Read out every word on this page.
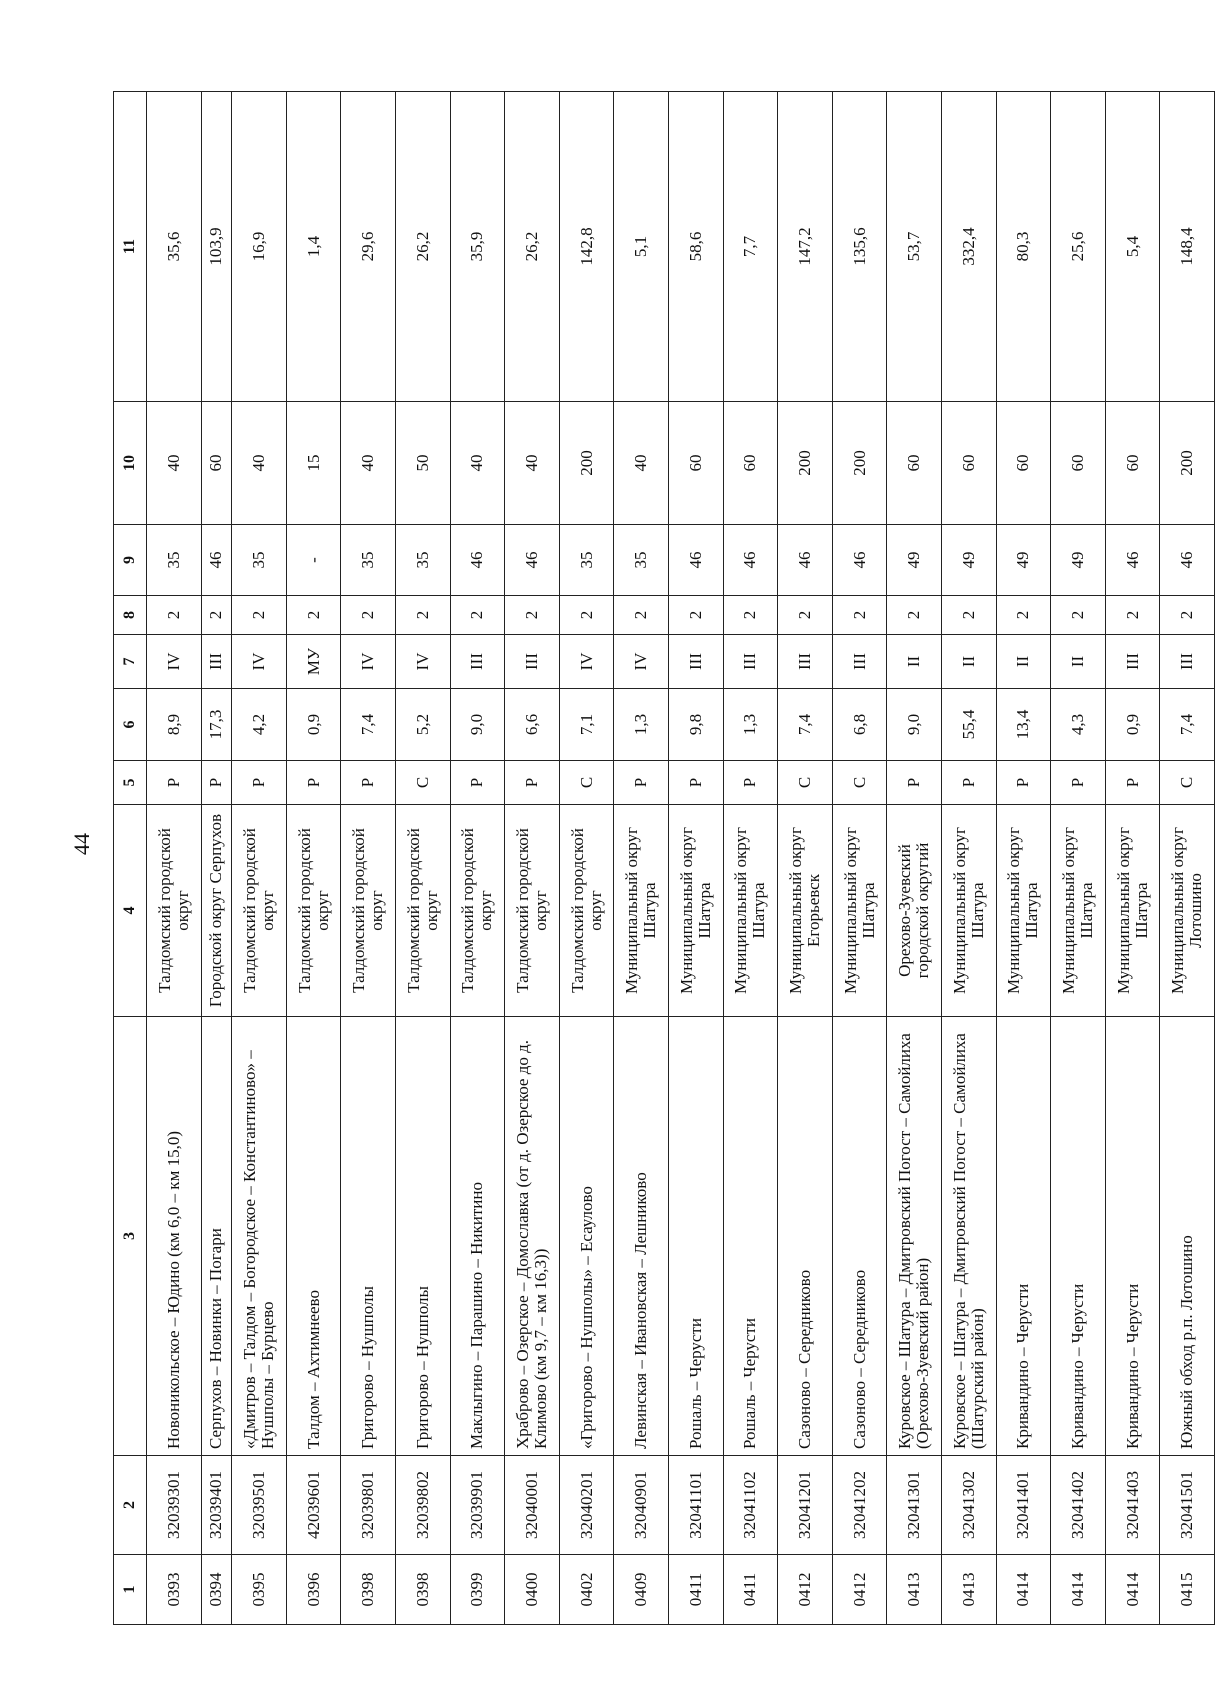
44
1	2	3	4	5	6	7	8	9	10	11
0393	32039301	Новоникольское – Юдино (км 6,0 – км 15,0)	Талдомский городской округ	Р	8,9	IV	2	35	40	35,6
0394	32039401	Серпухов – Новинки – Погари	Городской округ Серпухов	Р	17,3	III	2	46	60	103,9
0395	32039501	«Дмитров – Талдом – Богородское – Константиново» – Нушполы – Бурцево	Талдомский городской округ	Р	4,2	IV	2	35	40	16,9
0396	42039601	Талдом – Ахтимнеево	Талдомский городской округ	Р	0,9	МУ	2	-	15	1,4
0398	32039801	Григорово – Нушполы	Талдомский городской округ	Р	7,4	IV	2	35	40	29,6
0398	32039802	Григорово – Нушполы	Талдомский городской округ	С	5,2	IV	2	35	50	26,2
0399	32039901	Маклыгино – Парашино – Никитино	Талдомский городской округ	Р	9,0	III	2	46	40	35,9
0400	32040001	Храброво – Озерское – Домославка (от д. Озерское до д. Климово (км 9,7 – км 16,3))	Талдомский городской округ	Р	6,6	III	2	46	40	26,2
0402	32040201	«Григорово – Нушполы» – Есаулово	Талдомский городской округ	С	7,1	IV	2	35	200	142,8
0409	32040901	Левинская – Ивановская – Лешниково	Муниципальный округ Шатура	Р	1,3	IV	2	35	40	5,1
0411	32041101	Рошаль – Черусти	Муниципальный округ Шатура	Р	9,8	III	2	46	60	58,6
0411	32041102	Рошаль – Черусти	Муниципальный округ Шатура	Р	1,3	III	2	46	60	7,7
0412	32041201	Сазоново – Середниково	Муниципальный округ Егорьевск	С	7,4	III	2	46	200	147,2
0412	32041202	Сазоново – Середниково	Муниципальный округ Шатура	С	6,8	III	2	46	200	135,6
0413	32041301	Куровское – Шатура – Дмитровский Погост – Самойлиха (Орехово-Зуевский район)	Орехово-Зуевский городской округий	Р	9,0	II	2	49	60	53,7
0413	32041302	Куровское – Шатура – Дмитровский Погост – Самойлиха (Шатурский район)	Муниципальный округ Шатура	Р	55,4	II	2	49	60	332,4
0414	32041401	Кривандино – Черусти	Муниципальный округ Шатура	Р	13,4	II	2	49	60	80,3
0414	32041402	Кривандино – Черусти	Муниципальный округ Шатура	Р	4,3	II	2	49	60	25,6
0414	32041403	Кривандино – Черусти	Муниципальный округ Шатура	Р	0,9	III	2	46	60	5,4
0415	32041501	Южный обход р.п. Лотошино	Муниципальный округ Лотошино	С	7,4	III	2	46	200	148,4
